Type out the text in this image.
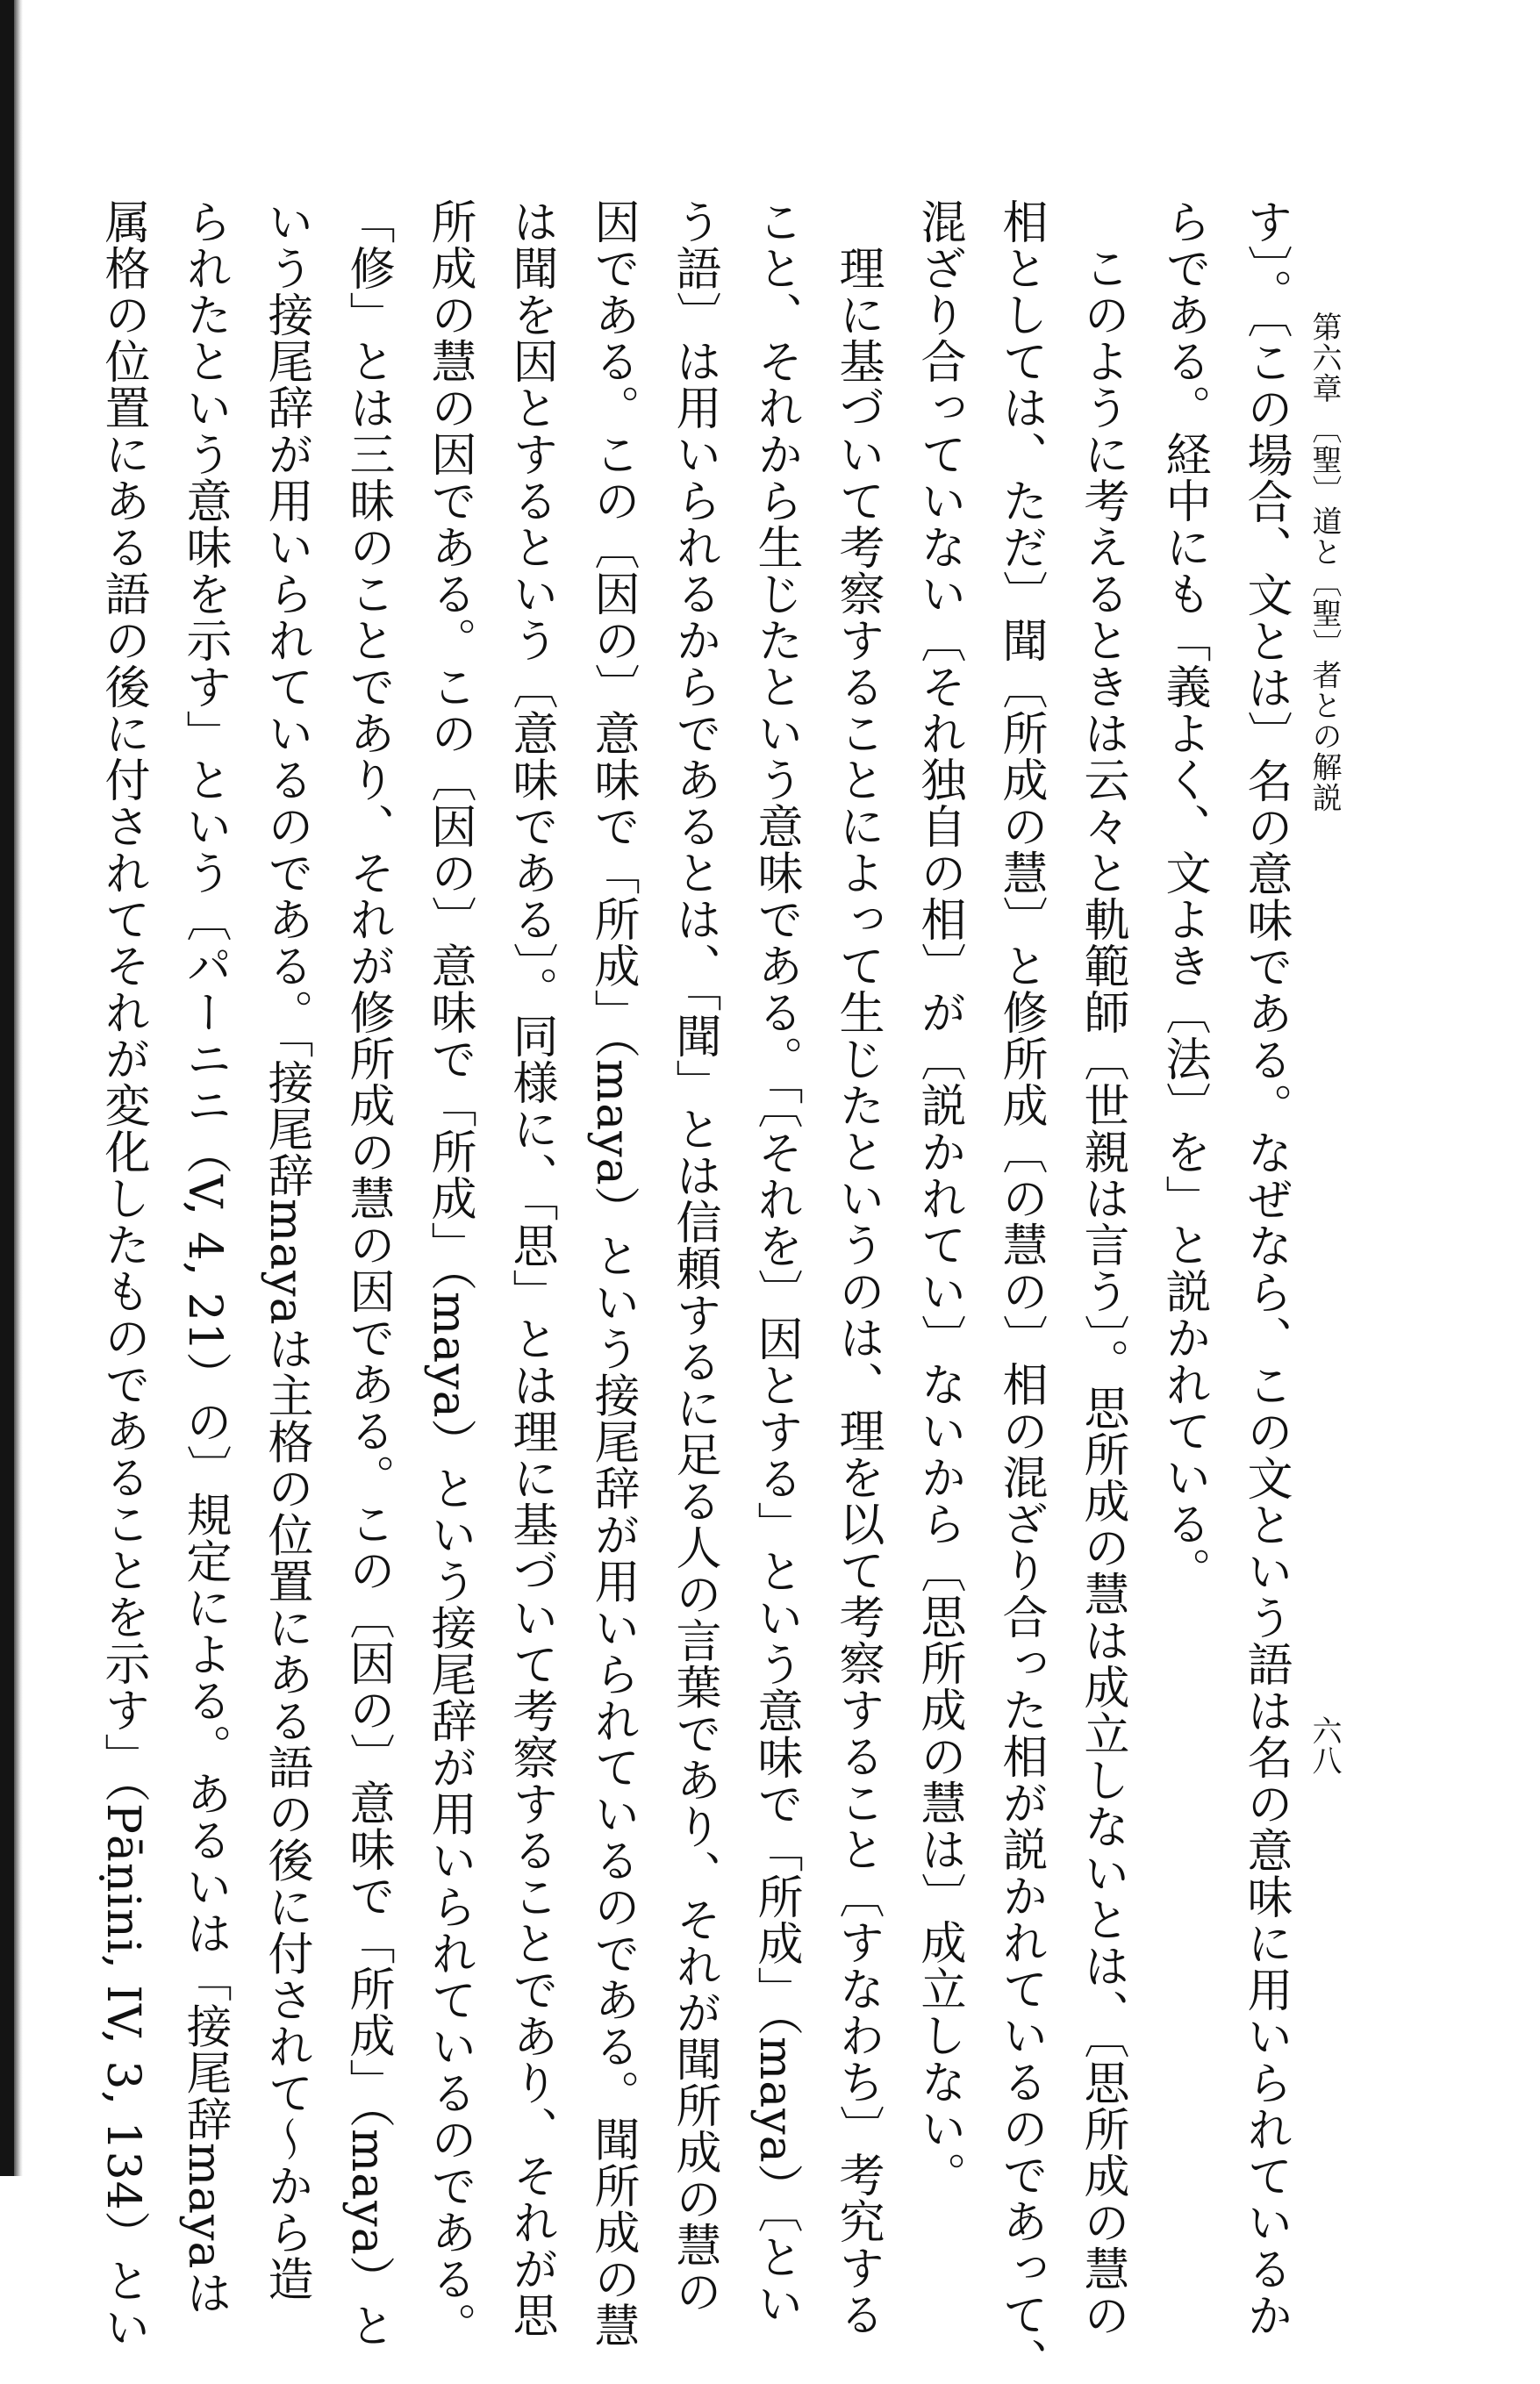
第六章 〔聖〕道と〔聖〕者との解説
六八
す〕。〔この場合、文とは〕名の意味である。なぜなら、この文という語は名の意味に用いられているか
らである。経中にも「義よく、文よき〔法〕を」と説かれている。
　このように考えるときは云々と軌範師〔世親は言う〕。思所成の慧は成立しないとは、〔思所成の慧の
相としては、ただ〕聞〔所成の慧〕と修所成〔の慧の〕相の混ざり合った相が説かれているのであって、
混ざり合っていない〔それ独自の相〕が〔説かれてい〕ないから〔思所成の慧は〕成立しない。
　理に基づいて考察することによって生じたというのは、理を以て考察すること〔すなわち〕考究する
こと、それから生じたという意味である。「〔それを〕因とする」という意味で「所成」（maya）〔とい
う語〕は用いられるからであるとは、「聞」とは信頼するに足る人の言葉であり、それが聞所成の慧の
因である。この〔因の〕意味で「所成」（maya）という接尾辞が用いられているのである。聞所成の慧
は聞を因とするという〔意味である〕。同様に、「思」とは理に基づいて考察することであり、それが思
所成の慧の因である。この〔因の〕意味で「所成」（maya）という接尾辞が用いられているのである。
「修」とは三昧のことであり、それが修所成の慧の因である。この〔因の〕意味で「所成」（maya）と
いう接尾辞が用いられているのである。「接尾辞mayaは主格の位置にある語の後に付されて〜から造
られたという意味を示す」という〔パーニニ（V, 4, 21）の〕規定による。あるいは「接尾辞mayaは
属格の位置にある語の後に付されてそれが変化したものであることを示す」（Pāṇini, IV, 3, 134）とい
